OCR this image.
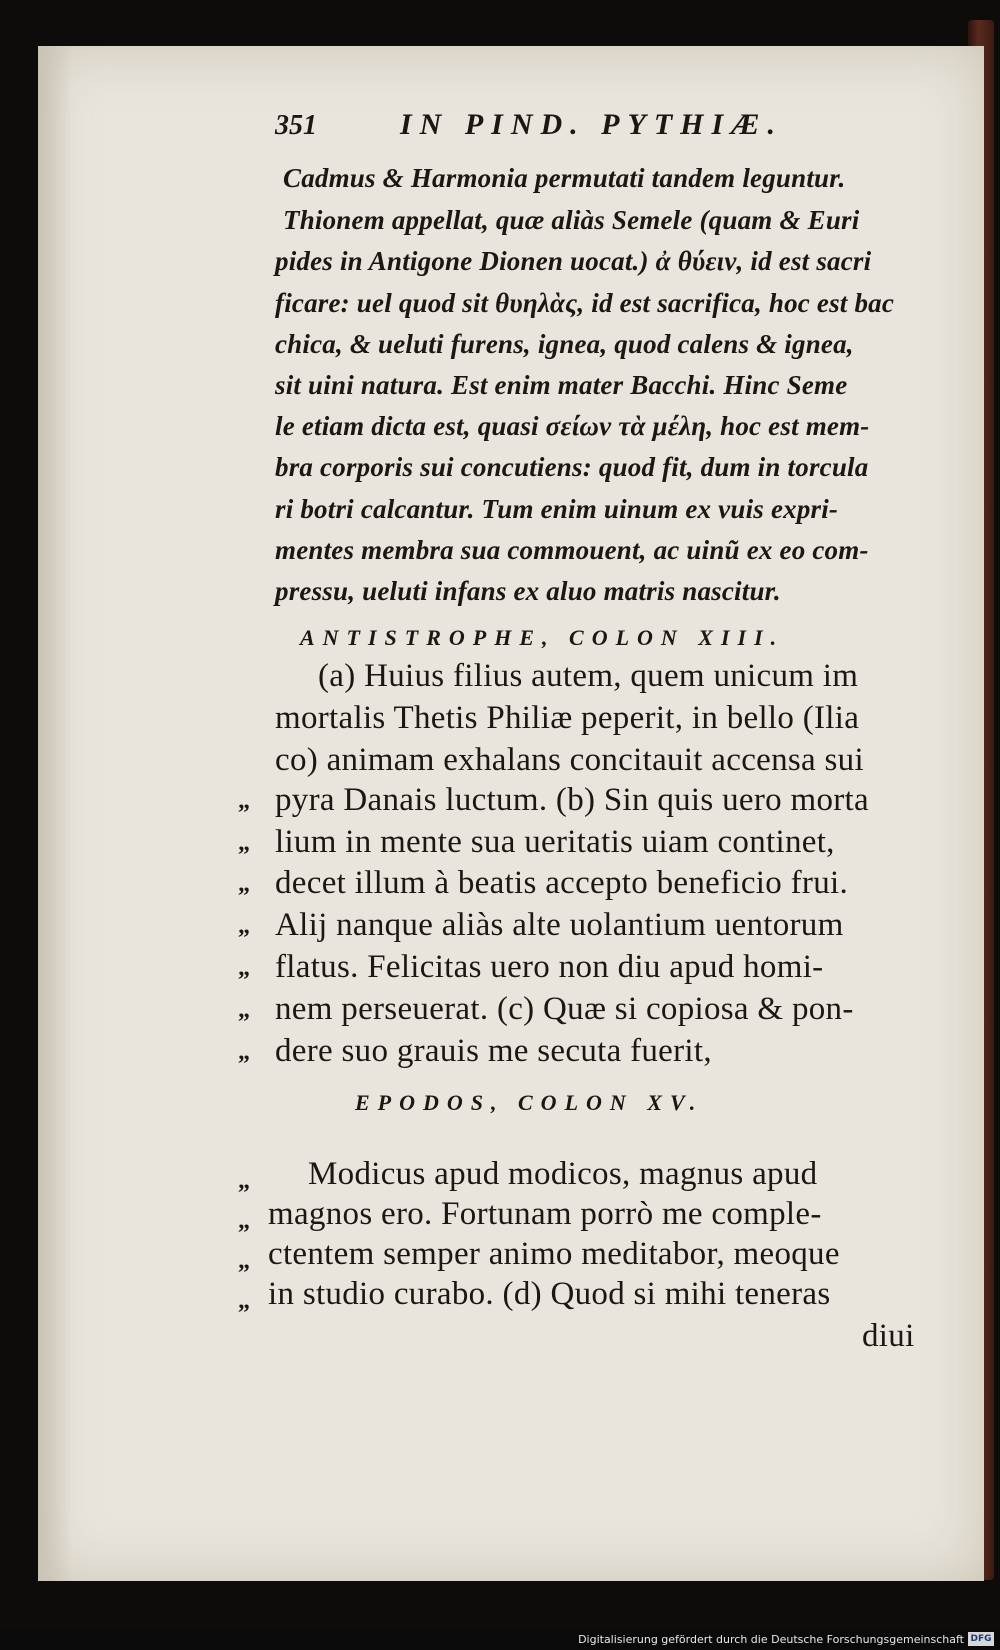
351	IN PIND. PYTHIÆ.
Cadmus & Harmonia permutati tandem leguntur.
Thionem appellat, quæ aliàs Semele (quam & Euri
pides in Antigone Dionen uocat.) ἀ θύειν, id est sacri
ficare: uel quod sit θυηλὰς, id est sacrifica, hoc est bac
chica, & ueluti furens, ignea, quod calens & ignea,
sit uini natura. Est enim mater Bacchi. Hinc Seme
le etiam dicta est, quasi σείων τὰ μέλη, hoc est mem-
bra corporis sui concutiens: quod fit, dum in torcula
ri botri calcantur. Tum enim uinum ex vuis expri-
mentes membra sua commouent, ac uinũ ex eo com-
pressu, ueluti infans ex aluo matris nascitur.
ANTISTROPHE, COLON XIII.
(a) Huius filius autem, quem unicum im
mortalis Thetis Philiæ peperit, in bello (Ilia
co) animam exhalans concitauit accensa sui
„ pyra Danais luctum. (b) Sin quis uero morta
„ lium in mente sua ueritatis uiam continet,
„ decet illum à beatis accepto beneficio frui.
„ Alij nanque aliàs alte uolantium uentorum
„ flatus. Felicitas uero non diu apud homi-
„ nem perseuerat. (c) Quæ si copiosa & pon-
„ dere suo grauis me secuta fuerit,
EPODOS, COLON XV.
„ Modicus apud modicos, magnus apud
„ magnos ero. Fortunam porrò me comple-
„ ctentem semper animo meditabor, meoque
„ in studio curabo. (d) Quod si mihi teneras
diui
Digitalisierung gefördert durch die Deutsche Forschungsgemeinschaft DFG
